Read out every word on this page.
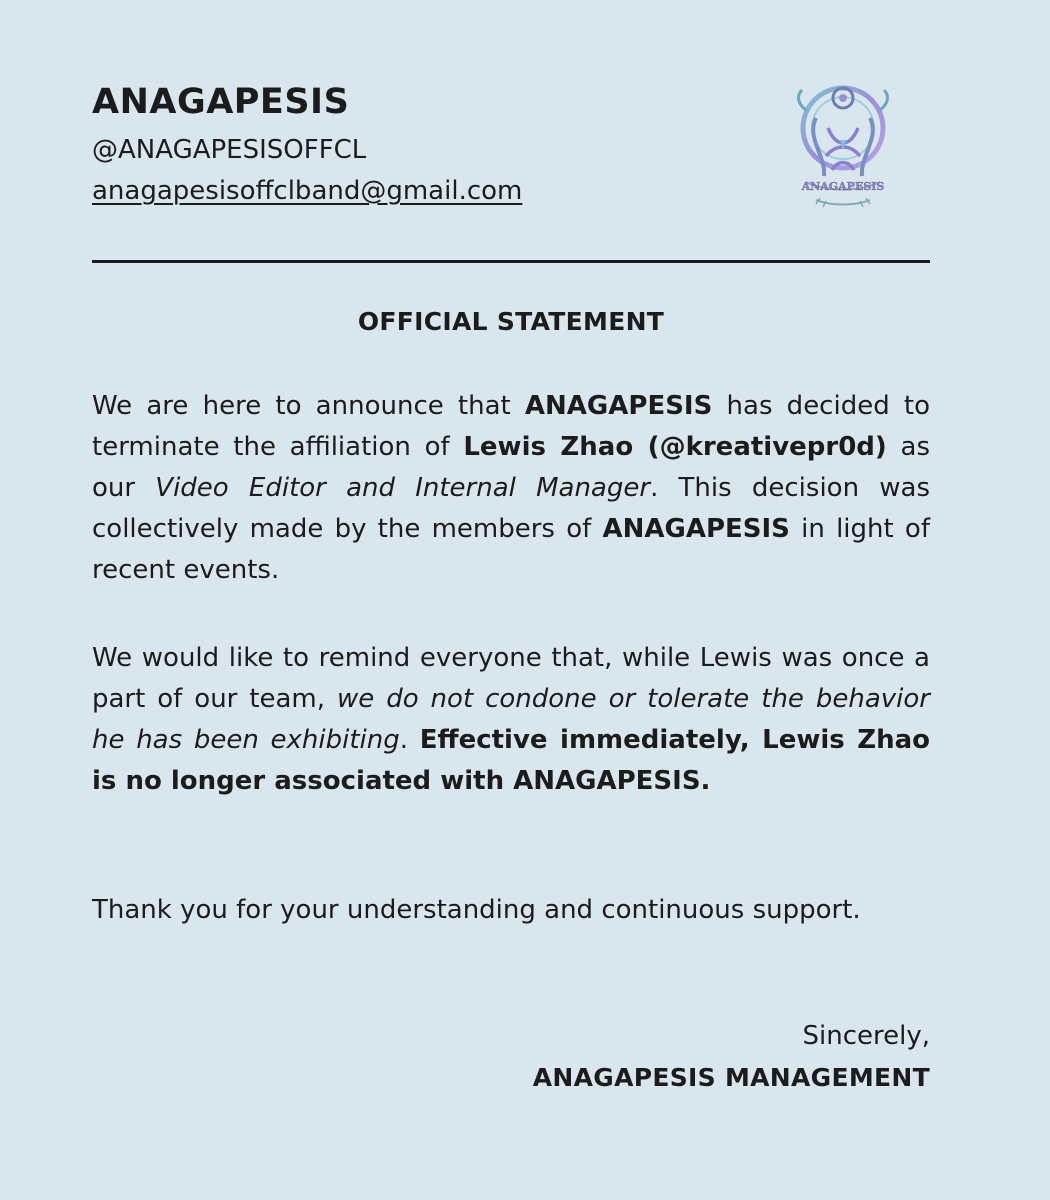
ANAGAPESIS
@ANAGAPESISOFFCL
anagapesisoffclband@gmail.com	ANAGAPESIS
OFFICIAL STATEMENT

We are here to announce that ANAGAPESIS has decided to terminate the affiliation of Lewis Zhao (@kreativepr0d) as our Video Editor and Internal Manager. This decision was collectively made by the members of ANAGAPESIS in light of recent events.

We would like to remind everyone that, while Lewis was once a part of our team, we do not condone or tolerate the behavior he has been exhibiting. Effective immediately, Lewis Zhao is no longer associated with ANAGAPESIS.

Thank you for your understanding and continuous support.

Sincerely,
ANAGAPESIS MANAGEMENT
